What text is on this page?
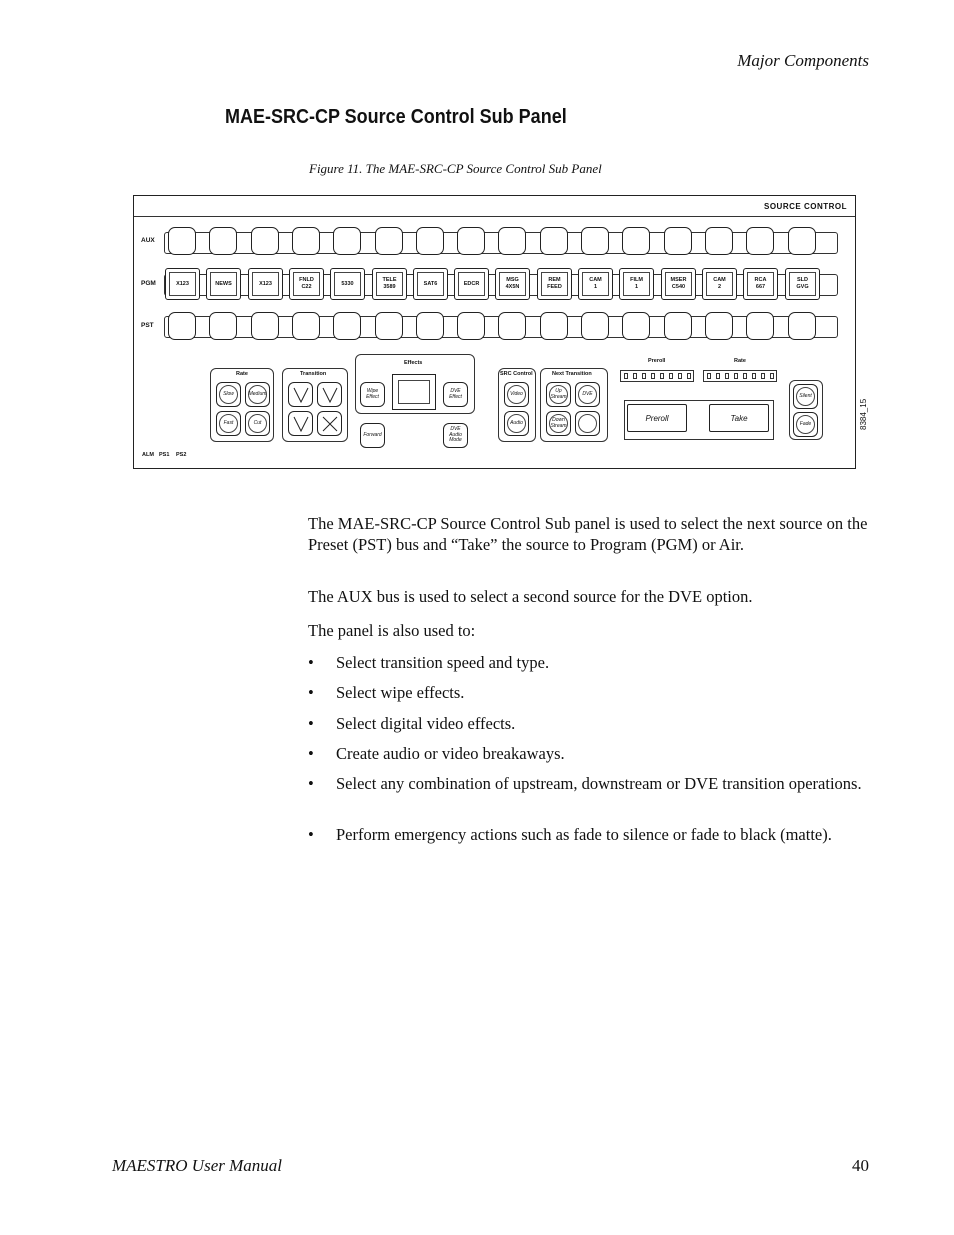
Major Components
MAE-SRC-CP Source Control Sub Panel
Figure 11. The MAE-SRC-CP Source Control Sub Panel
SOURCE CONTROL
AUX
PGM
PST
X123	NEWS	X123
FNLD
C22
5330
TELE
3589
SAT6	EDCR
MSG
4X5N
REM
FEED
CAM
1
FILM
1
MSER
C540
CAM
2
RCA
667
SLD
GVG
Rate
Slow	Medium
Fast	Cut
Transition
Effects
Wipe Effect
DVE Effect
Forward
DVE Audio Mode
SRC Control
Video
Audio
Next Transition
Up Stream	DVE
Down Stream
Preroll	Rate
Preroll	Take
Silent
Fade
ALM PS1 PS2
8384_15
The MAE-SRC-CP Source Control Sub panel is used to select the next source on the Preset (PST) bus and “Take” the source to Program (PGM) or Air.
The AUX bus is used to select a second source for the DVE option.
The panel is also used to:
• Select transition speed and type.
• Select wipe effects.
• Select digital video effects.
• Create audio or video breakaways.
• Select any combination of upstream, downstream or DVE transition operations.
• Perform emergency actions such as fade to silence or fade to black (matte).
MAESTRO User Manual	40
